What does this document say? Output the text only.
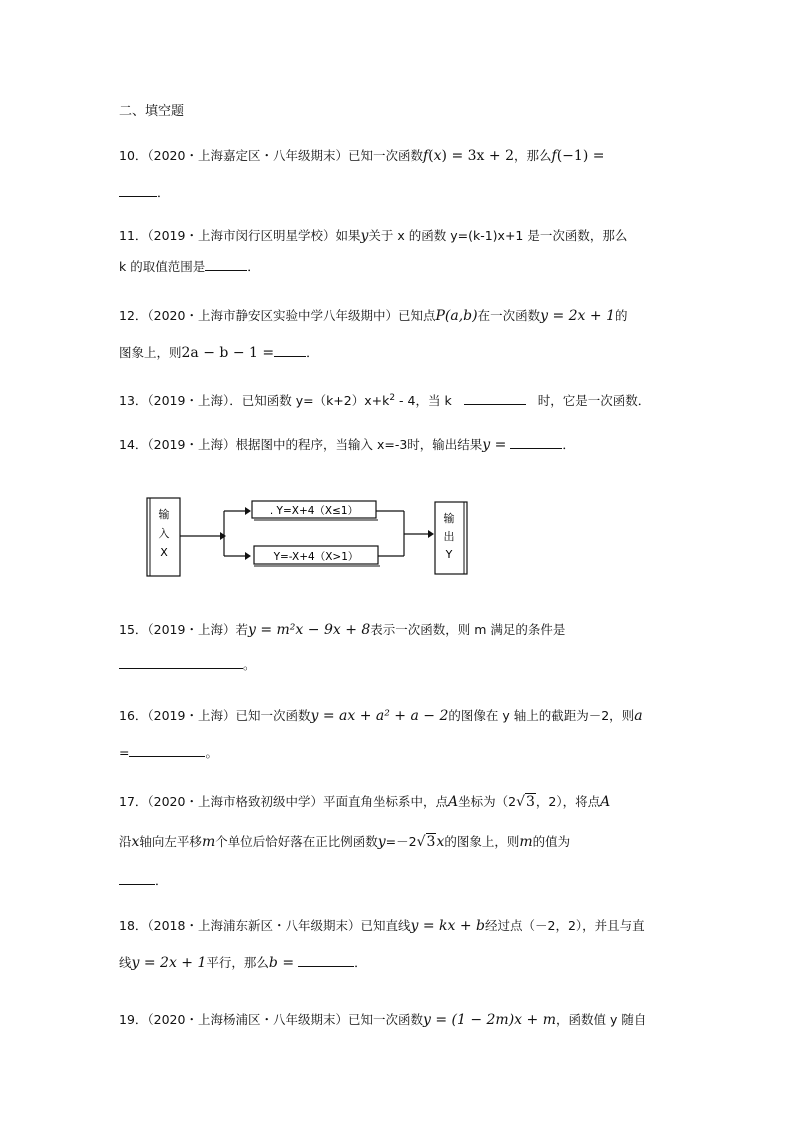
二、填空题
10．（2020・上海嘉定区・八年级期末）已知一次函数f(x) = 3x + 2，那么f(−1) =
．
11．（2019・上海市闵行区明星学校）如果y关于 x 的函数 y=(k-1)x+1 是一次函数，那么
k 的取值范围是	．
12．（2020・上海市静安区实验中学八年级期中）已知点P(a,b)在一次函数y = 2x + 1的
图象上，则2a − b − 1 =	．
13．（2019・上海）．已知函数 $y=(k+2)x+k^2 - 4$，当 k	时，它是一次函数．
14．（2019・上海）根据图中的程序，当输入 x=-3时，输出结果y =	．
输
入
X
. Y=X+4（X≤1）
Y=-X+4（X>1）
输
出
Y
15．（2019・上海）若y = m²x − 9x + 8表示一次函数，则 m 满足的条件是
。
16．（2019・上海）已知一次函数y = ax + a² + a − 2的图像在 y 轴上的截距为－2，则a
=	。
17．（2020・上海市格致初级中学）平面直角坐标系中，点A坐标为（2√3，2），将点A
沿x轴向左平移m个单位后恰好落在正比例函数y=－2√3x的图象上，则m的值为
．
18．（2018・上海浦东新区・八年级期末）已知直线y = kx + b经过点（－2，2），并且与直
线y = 2x + 1平行，那么b =	．
19．（2020・上海杨浦区・八年级期末）已知一次函数y = (1 − 2m)x + m，函数值 y 随自
